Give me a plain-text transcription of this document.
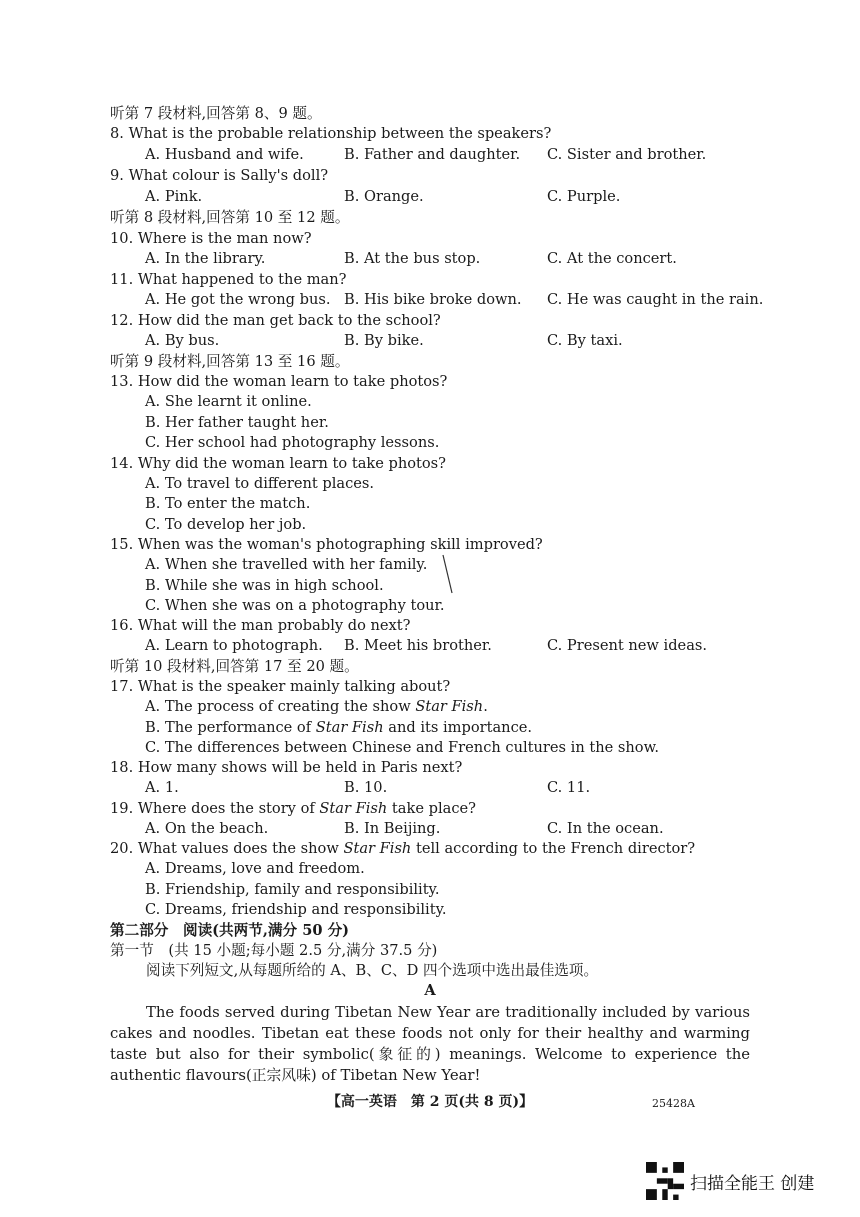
听第 7 段材料,回答第 8、9 题。
8. What is the probable relationship between the speakers?
A. Husband and wife.	B. Father and daughter. C. Sister and brother.
9. What colour is Sally's doll?
A. Pink.	B. Orange.	C. Purple.
听第 8 段材料,回答第 10 至 12 题。
10. Where is the man now?
A. In the library.	B. At the bus stop.	C. At the concert.
11. What happened to the man?
A. He got the wrong bus. B. His bike broke down. C. He was caught in the rain.
12. How did the man get back to the school?
A. By bus.	B. By bike.	C. By taxi.
听第 9 段材料,回答第 13 至 16 题。
13. How did the woman learn to take photos?
A. She learnt it online.
B. Her father taught her.
C. Her school had photography lessons.
14. Why did the woman learn to take photos?
A. To travel to different places.
B. To enter the match.
C. To develop her job.
15. When was the woman's photographing skill improved?
A. When she travelled with her family.
B. While she was in high school.
C. When she was on a photography tour.
16. What will the man probably do next?
A. Learn to photograph. B. Meet his brother.	C. Present new ideas.
听第 10 段材料,回答第 17 至 20 题。
17. What is the speaker mainly talking about?
A. The process of creating the show Star Fish.
B. The performance of Star Fish and its importance.
C. The differences between Chinese and French cultures in the show.
18. How many shows will be held in Paris next?
A. 1.	B. 10.	C. 11.
19. Where does the story of Star Fish take place?
A. On the beach.	B. In Beijing.	C. In the ocean.
20. What values does the show Star Fish tell according to the French director?
A. Dreams, love and freedom.
B. Friendship, family and responsibility.
C. Dreams, friendship and responsibility.
第二部分　阅读(共两节,满分 50 分)
第一节　(共 15 小题;每小题 2.5 分,满分 37.5 分)
阅读下列短文,从每题所给的 A、B、C、D 四个选项中选出最佳选项。
A
The foods served during Tibetan New Year are traditionally included by various cakes and noodles. Tibetan eat these foods not only for their healthy and warming taste but also for their symbolic(象征的) meanings. Welcome to experience the authentic flavours(正宗风味) of Tibetan New Year!
【高一英语　第 2 页(共 8 页)】	25428A
扫描全能王 创建
